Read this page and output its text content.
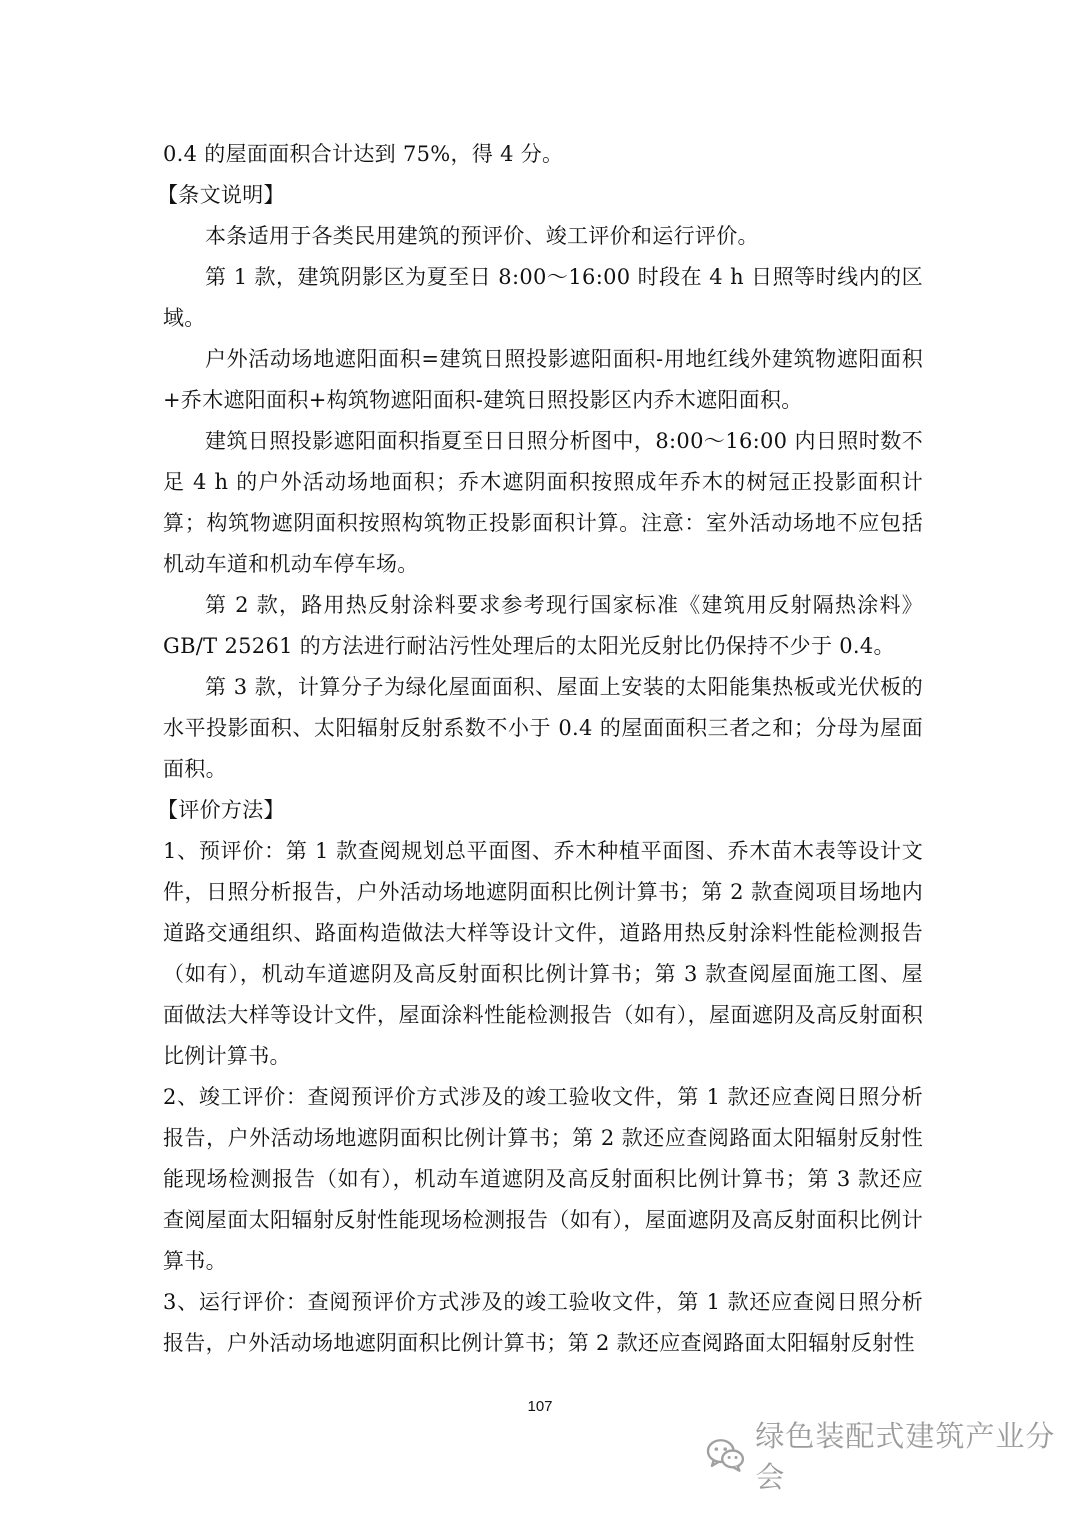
0.4 的屋面面积合计达到 75%，得 4 分。

【条文说明】

本条适用于各类民用建筑的预评价、竣工评价和运行评价。

第 1 款，建筑阴影区为夏至日 8:00～16:00 时段在 4 h 日照等时线内的区域。

户外活动场地遮阳面积=建筑日照投影遮阳面积-用地红线外建筑物遮阳面积+乔木遮阳面积+构筑物遮阳面积-建筑日照投影区内乔木遮阳面积。

建筑日照投影遮阳面积指夏至日日照分析图中，8:00～16:00 内日照时数不足 4 h 的户外活动场地面积；乔木遮阴面积按照成年乔木的树冠正投影面积计算；构筑物遮阴面积按照构筑物正投影面积计算。注意：室外活动场地不应包括机动车道和机动车停车场。

第 2 款，路用热反射涂料要求参考现行国家标准《建筑用反射隔热涂料》GB/T 25261 的方法进行耐沾污性处理后的太阳光反射比仍保持不少于 0.4。

第 3 款，计算分子为绿化屋面面积、屋面上安装的太阳能集热板或光伏板的水平投影面积、太阳辐射反射系数不小于 0.4 的屋面面积三者之和；分母为屋面面积。

【评价方法】

1、预评价：第 1 款查阅规划总平面图、乔木种植平面图、乔木苗木表等设计文件，日照分析报告，户外活动场地遮阴面积比例计算书；第 2 款查阅项目场地内道路交通组织、路面构造做法大样等设计文件，道路用热反射涂料性能检测报告（如有），机动车道遮阴及高反射面积比例计算书；第 3 款查阅屋面施工图、屋面做法大样等设计文件，屋面涂料性能检测报告（如有），屋面遮阴及高反射面积比例计算书。

2、竣工评价：查阅预评价方式涉及的竣工验收文件，第 1 款还应查阅日照分析报告，户外活动场地遮阴面积比例计算书；第 2 款还应查阅路面太阳辐射反射性能现场检测报告（如有），机动车道遮阴及高反射面积比例计算书；第 3 款还应查阅屋面太阳辐射反射性能现场检测报告（如有），屋面遮阴及高反射面积比例计算书。

3、运行评价：查阅预评价方式涉及的竣工验收文件，第 1 款还应查阅日照分析报告，户外活动场地遮阴面积比例计算书；第 2 款还应查阅路面太阳辐射反射性

107
绿色装配式建筑产业分会
